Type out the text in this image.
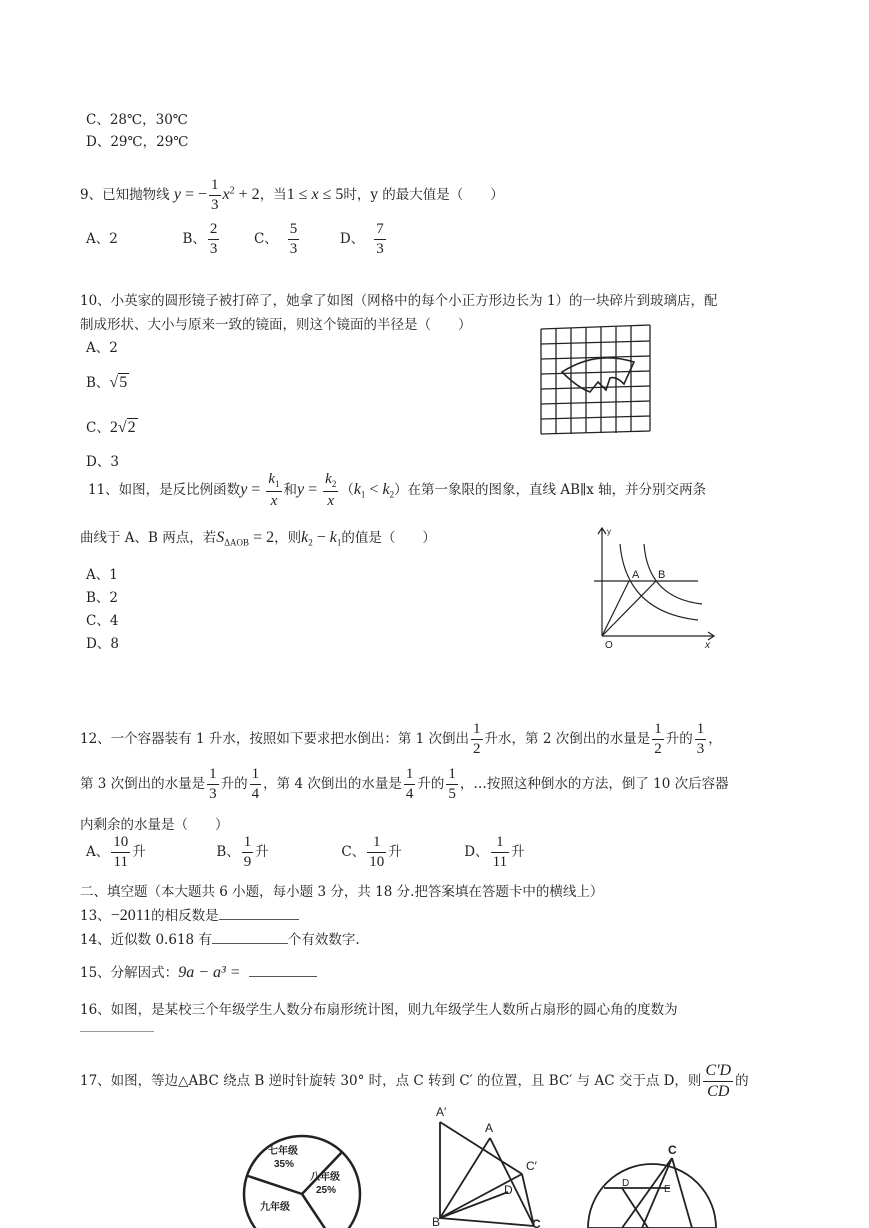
C、28℃，30℃
D、29℃，29℃
9、已知抛物线 y = − $\frac{1}{3} x^2 + 2$，当1 ≤ x ≤ 5时，y 的最大值是（　　）
A、2	B、 $\frac{2}{3}$	C、 $\frac{5}{3}$	D、 $\frac{7}{3}$
10、小英家的圆形镜子被打碎了，她拿了如图（网格中的每个小正方形边长为 1）的一块碎片到玻璃店，配
制成形状、大小与原来一致的镜面，则这个镜面的半径是（　　）
A、2
B、√5
C、2√2
D、3
11、如图，是反比例函数$y = \frac{k_1}{x}$ 和$y = \frac{k_2}{x} (k_1 < k_2)$在第一象限的图象，直线 AB∥x 轴，并分别交两条
曲线于 A、B 两点，若$S_{\Delta AOB} = 2$，则$k_2 - k_1$的值是（　　）
A、1
B、2
C、4
D、8
y
A B
O	x
12、一个容器装有 1 升水，按照如下要求把水倒出：第 1 次倒出 $\frac{1}{2}$ 升水，第 2 次倒出的水量是 $\frac{1}{2}$ 升的 $\frac{1}{3}$ ，
第 3 次倒出的水量是 $\frac{1}{3}$ 升的 $\frac{1}{4}$ ，第 4 次倒出的水量是 $\frac{1}{4}$ 升的 $\frac{1}{5}$ ，…按照这种倒水的方法，倒了 10 次后容器
内剩余的水量是（　　）
A、 $\frac{10}{11}$ 升	B、 $\frac{1}{9}$ 升	C、 $\frac{1}{10}$ 升	D、 $\frac{1}{11}$ 升
二、填空题（本大题共 6 小题，每小题 3 分，共 18 分.把答案填在答题卡中的横线上）
13、−2011的相反数是
14、近似数 0.618 有	个有效数字.
15、分解因式：9a − a³ =
16、如图，是某校三个年级学生人数分布扇形统计图，则九年级学生人数所占扇形的圆心角的度数为
17、如图，等边△ABC 绕点 B 逆时针旋转 30° 时，点 C 转到 C′ 的位置，且 BC′ 与 AC 交于点 D，则 $\frac{C'D}{CD}$ 的
七年级
35%
八年级
25%
九年级
A′
A
C′
D
B	C
C
D
E
